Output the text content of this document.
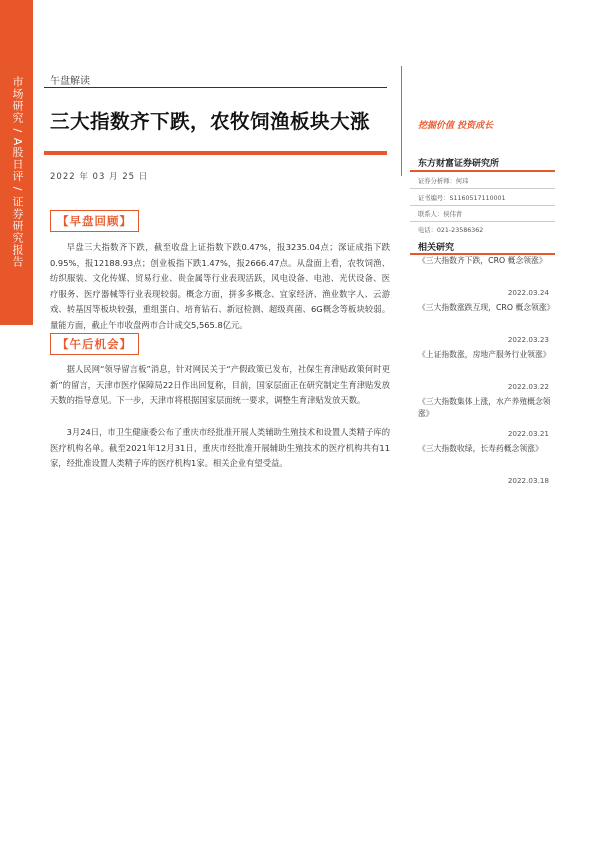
市场研究 / A股日评 / 证券研究报告	午盘解读
三大指数齐下跌，农牧饲渔板块大涨
2022 年 03 月 25 日
挖掘价值 投资成长
【早盘回顾】
早盘三大指数齐下跌，截至收盘上证指数下跌0.47%，报3235.04点；深证成指下跌0.95%，报12188.93点；创业板指下跌1.47%，报2666.47点。从盘面上看，农牧饲渔、纺织服装、文化传媒、贸易行业、贵金属等行业表现活跃，风电设备、电池、光伏设备、医疗服务、医疗器械等行业表现较弱。概念方面，拼多多概念、宜家经济、渔业数字人、云游戏、转基因等板块较强，重组蛋白、培育钻石、新冠检测、超级真菌、6G概念等板块较弱。量能方面，截止午市收盘两市合计成交5,565.8亿元。
【午后机会】
据人民网“领导留言板”消息，针对网民关于“产假政策已发布，社保生育津贴政策何时更新”的留言，天津市医疗保障局22日作出回复称，目前，国家层面正在研究制定生育津贴发放天数的指导意见。下一步，天津市将根据国家层面统一要求，调整生育津贴发放天数。
3月24日，市卫生健康委公布了重庆市经批准开展人类辅助生殖技术和设置人类精子库的医疗机构名单。截至2021年12月31日，重庆市经批准开展辅助生殖技术的医疗机构共有11家，经批准设置人类精子库的医疗机构1家。相关企业有望受益。
东方财富证券研究所
证券分析师：何玮
证书编号：S1160517110001
联系人：侯伟青
电话：021-23586362
相关研究
《三大指数齐下跌，CRO 概念领涨》
2022.03.24
《三大指数涨跌互现，CRO 概念领涨》
2022.03.23
《上证指数涨，房地产服务行业领涨》
2022.03.22
《三大指数集体上涨，水产养殖概念领涨》
2022.03.21
《三大指数收绿，长寿药概念领涨》
2022.03.18
